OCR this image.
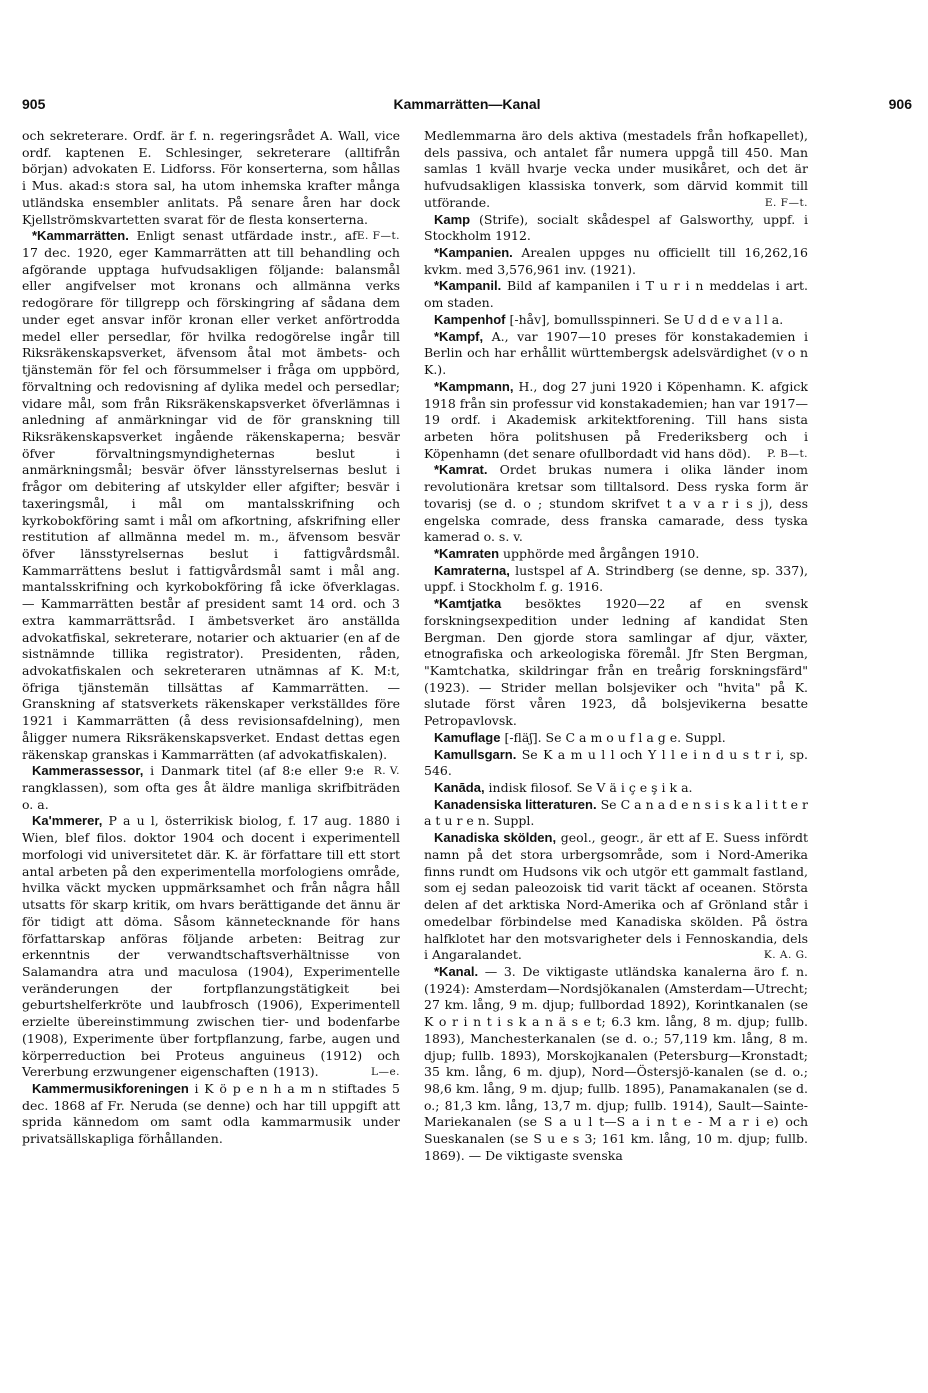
905	Kammarrätten—Kanal	906

och sekreterare. Ordf. är f. n. regeringsrådet A. Wall, vice ordf. kaptenen E. Schlesinger, sekreterare (alltifrån början) advokaten E. Lidforss. För konserterna, som hållas i Mus. akad:s stora sal, ha utom inhemska krafter många utländska ensembler anlitats. På senare åren har dock Kjellströmskvartetten svarat för de flesta konserterna.
E. F—t.

*Kammarrätten. Enligt senast utfärdade instr., af 17 dec. 1920, eger Kammarrätten att till behandling och afgörande upptaga hufvudsakligen följande: balansmål eller angifvelser mot kronans och allmänna verks redogörare för tillgrepp och förskingring af sådana dem under eget ansvar inför kronan eller verket anförtrodda medel eller persedlar, för hvilka redogörelse ingår till Riksräkenskapsverket, äfvensom åtal mot ämbets- och tjänstemän för fel och försummelser i fråga om uppbörd, förvaltning och redovisning af dylika medel och persedlar; vidare mål, som från Riksräkenskapsverket öfverlämnas i anledning af anmärkningar vid de för granskning till Riksräkenskapsverket ingående räkenskaperna; besvär öfver förvaltningsmyndigheternas beslut i anmärkningsmål; besvär öfver länsstyrelsernas beslut i frågor om debitering af utskylder eller afgifter; besvär i taxeringsmål, i mål om mantalsskrifning och kyrkobokföring samt i mål om afkortning, afskrifning eller restitution af allmänna medel m. m., äfvensom besvär öfver länsstyrelsernas beslut i fattigvårdsmål. Kammarrättens beslut i fattigvårdsmål samt i mål ang. mantalsskrifning och kyrkobokföring få icke öfverklagas. — Kammarrätten består af president samt 14 ord. och 3 extra kammarrättsråd. I ämbetsverket äro anställda advokatfiskal, sekreterare, notarier och aktuarier (en af de sistnämnde tillika registrator). Presidenten, råden, advokatfiskalen och sekreteraren utnämnas af K. M:t, öfriga tjänstemän tillsättas af Kammarrätten. — Granskning af statsverkets räkenskaper verkställdes före 1921 i Kammarrätten (å dess revisionsafdelning), men åligger numera Riksräkenskapsverket. Endast dettas egen räkenskap granskas i Kammarrätten (af advokatfiskalen).
R. V.

Kammerassessor, i Danmark titel (af 8:e eller 9:e rangklassen), som ofta ges åt äldre manliga skrifbiträden o. a.

Ka'mmerer, P a u l, österrikisk biolog, f. 17 aug. 1880 i Wien, blef filos. doktor 1904 och docent i experimentell morfologi vid universitetet där. K. är författare till ett stort antal arbeten på den experimentella morfologiens område, hvilka väckt mycken uppmärksamhet och från några håll utsatts för skarp kritik, om hvars berättigande det ännu är för tidigt att döma. Såsom kännetecknande för hans författarskap anföras följande arbeten: Beitrag zur erkenntnis der verwandtschaftsverhältnisse von Salamandra atra und maculosa (1904), Experimentelle veränderungen der fortpflanzungstätigkeit bei geburtshelferkröte und laubfrosch (1906), Experimentell erzielte übereinstimmung zwischen tier- und bodenfarbe (1908), Experimente über fortpflanzung, farbe, augen und körperreduction bei Proteus anguineus (1912) och Vererbung erzwungener eigenschaften (1913).	L—e.

Kammermusikforeningen i K ö p e n h a m n stiftades 5 dec. 1868 af Fr. Neruda (se denne) och har till uppgift att sprida kännedom om samt odla kammarmusik under privatsällskapliga förhållanden.

Medlemmarna äro dels aktiva (mestadels från hofkapellet), dels passiva, och antalet får numera uppgå till 450. Man samlas 1 kväll hvarje vecka under musikåret, och det är hufvudsakligen klassiska tonverk, som därvid kommit till utförande.	E. F—t.

Kamp (Strife), socialt skådespel af Galsworthy, uppf. i Stockholm 1912.

*Kampanien. Arealen uppges nu officiellt till 16,262,16 kvkm. med 3,576,961 inv. (1921).

*Kampanil. Bild af kampanilen i T u r i n meddelas i art. om staden.

Kampenhof [-håv], bomullsspinneri. Se U d d e v a l l a.

*Kampf, A., var 1907—10 preses för konstakademien i Berlin och har erhållit württembergsk adelsvärdighet (v o n K.).

*Kampmann, H., dog 27 juni 1920 i Köpenhamn. K. afgick 1918 från sin professur vid konstakademien; han var 1917—19 ordf. i Akademisk arkitektforening. Till hans sista arbeten höra politshusen på Frederiksberg och i Köpenhamn (det senare ofullbordadt vid hans död).	P. B—t.

*Kamrat. Ordet brukas numera i olika länder inom revolutionära kretsar som tilltalsord. Dess ryska form är tovarisj (se d. o ; stundom skrifvet t a v a r i s j), dess engelska comrade, dess franska camarade, dess tyska kamerad o. s. v.

*Kamraten upphörde med årgången 1910.

Kamraterna, lustspel af A. Strindberg (se denne, sp. 337), uppf. i Stockholm f. g. 1916.

*Kamtjatka besöktes 1920—22 af en svensk forskningsexpedition under ledning af kandidat Sten Bergman. Den gjorde stora samlingar af djur, växter, etnografiska och arkeologiska föremål. Jfr Sten Bergman, "Kamtchatka, skildringar från en treårig forskningsfärd" (1923). — Strider mellan bolsjeviker och "hvita" på K. slutade först våren 1923, då bolsjevikerna besatte Petropavlovsk.

Kamuflage [-fläʃ]. Se C a m o u f l a g e. Suppl.

Kamullsgarn. Se K a m u l l och Y l l e i n d u s t r i, sp. 546.

Kanāda, indisk filosof. Se V ä i ç e ş i k a.

Kanadensiska litteraturen. Se C a n a d e n s i s k a l i t t e r a t u r e n. Suppl.

Kanadiska skölden, geol., geogr., är ett af E. Suess infördt namn på det stora urbergsområde, som i Nord-Amerika finns rundt om Hudsons vik och utgör ett gammalt fastland, som ej sedan paleozoisk tid varit täckt af oceanen. Största delen af det arktiska Nord-Amerika och af Grönland står i omedelbar förbindelse med Kanadiska skölden. På östra halfklotet har den motsvarigheter dels i Fennoskandia, dels i Angaralandet.	K. A. G.

*Kanal. — 3. De viktigaste utländska kanalerna äro f. n. (1924): Amsterdam—Nordsjökanalen (Amsterdam—Utrecht; 27 km. lång, 9 m. djup; fullbordad 1892), Korintkanalen (se K o r i n t i s k a n ä s e t; 6.3 km. lång, 8 m. djup; fullb. 1893), Manchesterkanalen (se d. o.; 57,119 km. lång, 8 m. djup; fullb. 1893), Morskojkanalen (Petersburg—Kronstadt; 35 km. lång, 6 m. djup), Nord—Östersjö-kanalen (se d. o.; 98,6 km. lång, 9 m. djup; fullb. 1895), Panamakanalen (se d. o.; 81,3 km. lång, 13,7 m. djup; fullb. 1914), Sault—Sainte-Mariekanalen (se S a u l t—S a i n t e - M a r i e) och Sueskanalen (se S u e s 3; 161 km. lång, 10 m. djup; fullb. 1869). — De viktigaste svenska
